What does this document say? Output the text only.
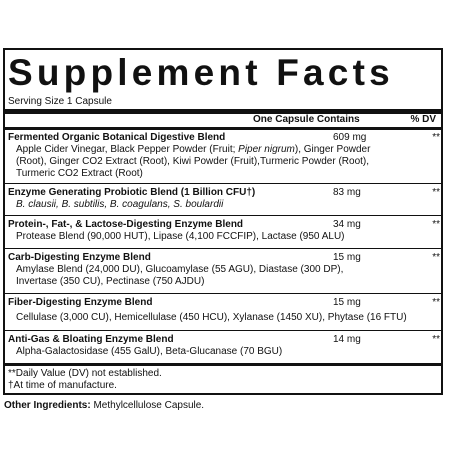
Supplement Facts
Serving Size 1 Capsule
One Capsule Contains	% DV
Fermented Organic Botanical Digestive Blend	609 mg	**
Apple Cider Vinegar, Black Pepper Powder (Fruit; Piper nigrum), Ginger Powder
(Root), Ginger CO2 Extract (Root), Kiwi Powder (Fruit),Turmeric Powder (Root),
Turmeric CO2 Extract (Root)
Enzyme Generating Probiotic Blend (1 Billion CFU†)	83 mg	**
B. clausii, B. subtilis, B. coagulans, S. boulardii
Protein-, Fat-, & Lactose-Digesting Enzyme Blend	34 mg	**
Protease Blend (90,000 HUT), Lipase (4,100 FCCFIP), Lactase (950 ALU)
Carb-Digesting Enzyme Blend	15 mg	**
Amylase Blend (24,000 DU), Glucoamylase (55 AGU), Diastase (300 DP),
Invertase (350 CU), Pectinase (750 AJDU)
Fiber-Digesting Enzyme Blend	15 mg	**
Cellulase (3,000 CU), Hemicellulase (450 HCU), Xylanase (1450 XU), Phytase (16 FTU)
Anti-Gas & Bloating Enzyme Blend	14 mg	**
Alpha-Galactosidase (455 GalU), Beta-Glucanase (70 BGU)
**Daily Value (DV) not established.
†At time of manufacture.
Other Ingredients: Methylcellulose Capsule.
